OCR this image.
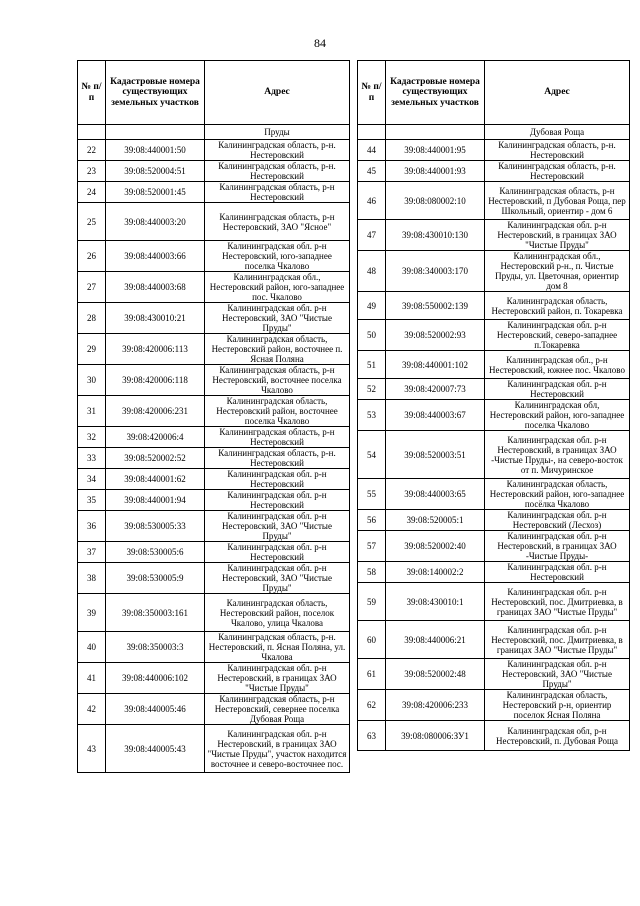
84
№ п/п	Кадастровые номера существующих земельных участков	Адрес
		Пруды
22	39:08:440001:50	Калининградская область, р-н. Нестеровский
23	39:08:520004:51	Калининградская область, р-н. Нестеровский
24	39:08:520001:45	Калининградская область, р-н Нестеровский
25	39:08:440003:20	Калининградская область, р-н Нестеровский, ЗАО "Ясное"
26	39:08:440003:66	Калининградская обл. р-н Нестеровский, юго-западнее поселка Чкалово
27	39:08:440003:68	Калининградская обл., Нестеровский район, юго-западнее пос. Чкалово
28	39:08:430010:21	Калининградская обл. р-н Нестеровский, ЗАО "Чистые Пруды"
29	39:08:420006:113	Калининградская область, Нестеровский район, восточнее п. Ясная Поляна
30	39:08:420006:118	Калининградская область, р-н Нестеровский, восточнее поселка Чкалово
31	39:08:420006:231	Калининградская область, Нестеровский район, восточнее поселка Чкалово
32	39:08:420006:4	Калининградская область, р-н Нестеровский
33	39:08:520002:52	Калининградская область, р-н. Нестеровский
34	39:08:440001:62	Калининградская обл. р-н Нестеровский
35	39:08:440001:94	Калининградская обл. р-н Нестеровский
36	39:08:530005:33	Калининградская обл. р-н Нестеровский, ЗАО "Чистые Пруды"
37	39:08:530005:6	Калининградская обл. р-н Нестеровский
38	39:08:530005:9	Калининградская обл. р-н Нестеровский, ЗАО "Чистые Пруды"
39	39:08:350003:161	Калининградская область, Нестеровский район, поселок Чкалово, улица Чкалова
40	39:08:350003:3	Калининградская область, р-н. Нестеровский, п. Ясная Поляна, ул. Чкалова
41	39:08:440006:102	Калининградская обл. р-н Нестеровский, в границах ЗАО "Чистые Пруды"
42	39:08:440005:46	Калининградская область, р-н Нестеровский, севернее поселка Дубовая Роща
43	39:08:440005:43	Калининградская обл. р-н Нестеровский, в границах ЗАО "Чистые Пруды", участок находится восточнее и северо-восточнее пос.
№ п/п	Кадастровые номера существующих земельных участков	Адрес
		Дубовая Роща
44	39:08:440001:95	Калининградская область, р-н. Нестеровский
45	39:08:440001:93	Калининградская область, р-н. Нестеровский
46	39:08:080002:10	Калининградская область, р-н Нестеровский, п Дубовая Роща, пер Школьный, ориентир - дом 6
47	39:08:430010:130	Калининградская обл. р-н Нестеровский, в границах ЗАО "Чистые Пруды"
48	39:08:340003:170	Калининградская обл., Нестеровский р-н., п. Чистые Пруды, ул. Цветочная, ориентир дом 8
49	39:08:550002:139	Калининградская область, Нестеровский район, п. Токаревка
50	39:08:520002:93	Калининградская обл. р-н Нестеровский, северо-западнее п.Токаревка
51	39:08:440001:102	Калининградская обл., р-н Нестеровский, южнее пос. Чкалово
52	39:08:420007:73	Калининградская обл. р-н Нестеровский
53	39:08:440003:67	Калининградская обл, Нестеровский район, юго-западнее поселка Чкалово
54	39:08:520003:51	Калининградская обл. р-н Нестеровский, в границах ЗАО -Чистые Пруды-, на северо-восток от п. Мичуринское
55	39:08:440003:65	Калининградская область, Нестеровский район, юго-западнее посёлка Чкалово
56	39:08:520005:1	Калининградская обл. р-н Нестеровский (Лесхоз)
57	39:08:520002:40	Калининградская обл. р-н Нестеровский, в границах ЗАО -Чистые Пруды-
58	39:08:140002:2	Калининградская обл. р-н Нестеровский
59	39:08:430010:1	Калининградская обл. р-н Нестеровский, пос. Дмитриевка, в границах ЗАО "Чистые Пруды"
60	39:08:440006:21	Калининградская обл. р-н Нестеровский, пос. Дмитриевка, в границах ЗАО "Чистые Пруды"
61	39:08:520002:48	Калининградская обл. р-н Нестеровский, ЗАО "Чистые Пруды"
62	39:08:420006:233	Калининградская область, Нестеровский р-н, ориентир поселок Ясная Поляна
63	39:08:080006:ЗУ1	Калининградская обл, р-н Нестеровский, п. Дубовая Роща
